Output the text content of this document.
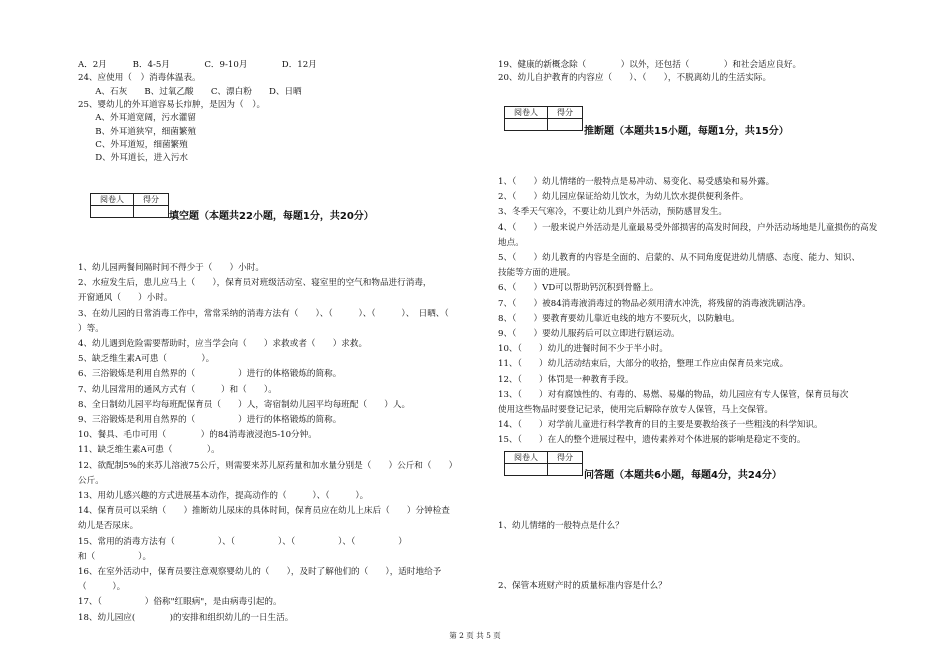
A．2月　　　B．4-5月　　　　C．9-10月　　　　D．12月
24、应使用（　）消毒体温表。
　　A、石灰　　B、过氧乙酸　　C、漂白粉　　D、日晒
25、婴幼儿的外耳道容易长疖肿，是因为（　）。
　　A、外耳道宽阔，污水灌留
　　B、外耳道狭窄，细菌繁殖
　　C、外耳道短，细菌繁殖
　　D、外耳道长，进入污水
阅卷人	得分

填空题（本题共22小题，每题1分，共20分）
1、幼儿园两餐间隔时间不得少于（　　）小时。
2、水痘发生后，患儿应马上（　　），保育员对班级活动室、寝室里的空气和物品进行消毒，
开窗通风（　　）小时。
3、在幼儿园的日常消毒工作中，常常采纳的消毒方法有（　　）、（　　　）、（　　　）、　日晒、（
）等。
4、幼儿遇到危险需要帮助时，应当学会向（　　）求救或者（　　）求救。
5、缺乏维生素A可患（　　　　）。
6、三浴锻炼是利用自然界的（　　　　　）进行的体格锻炼的简称。
7、幼儿园常用的通风方式有（　　　）和（　　）。
8、全日制幼儿园平均每班配保育员（　　）人，寄宿制幼儿园平均每班配（　　）人。
9、三浴锻炼是利用自然界的（　　　　　）进行的体格锻炼的简称。
10、餐具、毛巾可用（　　　　）的84消毒液浸泡5-10分钟。
11、缺乏维生素A可患（　　　　）。
12、欲配制5%的来苏儿溶液75公斤，则需要来苏儿原药量和加水量分别是（　　）公斤和（　　）
公斤。
13、用幼儿感兴趣的方式进展基本动作，提高动作的（　　　）、（　　　）。
14、保育员可以采纳（　　）推断幼儿尿床的具体时间，保育员应在幼儿上床后（　　）分钟检查
幼儿是否尿床。
15、常用的消毒方法有（　　　　　）、（　　　　　）、（　　　　　）、（　　　　　）
和（　　　　　）。
16、在室外活动中，保育员要注意观察婴幼儿的（　　），及时了解他们的（　　），适时地给予
（　　　）。
17、（　　　　　）俗称"红眼病"，是由病毒引起的。
18、幼儿园应(　　　　)的安排和组织幼儿的一日生活。
19、健康的新概念除（　　　　）以外，还包括（　　　　）和社会适应良好。
20、幼儿自护教育的内容应（　　）、（　　），不脱离幼儿的生活实际。
阅卷人	得分

推断题（本题共15小题，每题1分，共15分）
1、（　　）幼儿情绪的一般特点是易冲动、易变化、易受感染和易外露。
2、（　　）幼儿园应保证给幼儿饮水，为幼儿饮水提供便利条件。
3、冬季天气寒冷，不要让幼儿到户外活动，预防感冒发生。
4、（　　）一般来说户外活动是儿童最易受外部损害的高发时间段，户外活动场地是儿童损伤的高发
地点。
5、（　　）幼儿教育的内容是全面的、启蒙的、从不同角度促进幼儿情感、态度、能力、知识、
技能等方面的进展。
6、（　　）VD可以帮助钙沉积到骨骼上。
7、（　　）被84消毒液消毒过的物品必须用清水冲洗，将残留的消毒液洗刷洁净。
8、（　　）要教育要幼儿靠近电线的地方不要玩火，以防触电。
9、（　　）要幼儿服药后可以立即进行剧运动。
10、（　　）幼儿的进餐时间不少于半小时。
11、（　　）幼儿活动结束后，大部分的收拾，整理工作应由保育员来完成。
12、（　　）体罚是一种教育手段。
13、（　　）对有腐蚀性的、有毒的、易燃、易爆的物品，幼儿园应有专人保管，保育员每次
使用这些物品时要登记记录，使用完后解除存放专人保管，马上交保管。
14、（　　）对学前儿童进行科学教育的目的主要是要教给孩子一些粗浅的科学知识。
15、（　　）在人的整个进展过程中，遗传素养对个体进展的影响是稳定不变的。
阅卷人	得分

问答题（本题共6小题，每题4分，共24分）
1、幼儿情绪的一般特点是什么？
2、保管本班财产时的质量标准内容是什么？
第 2 页 共 5 页
